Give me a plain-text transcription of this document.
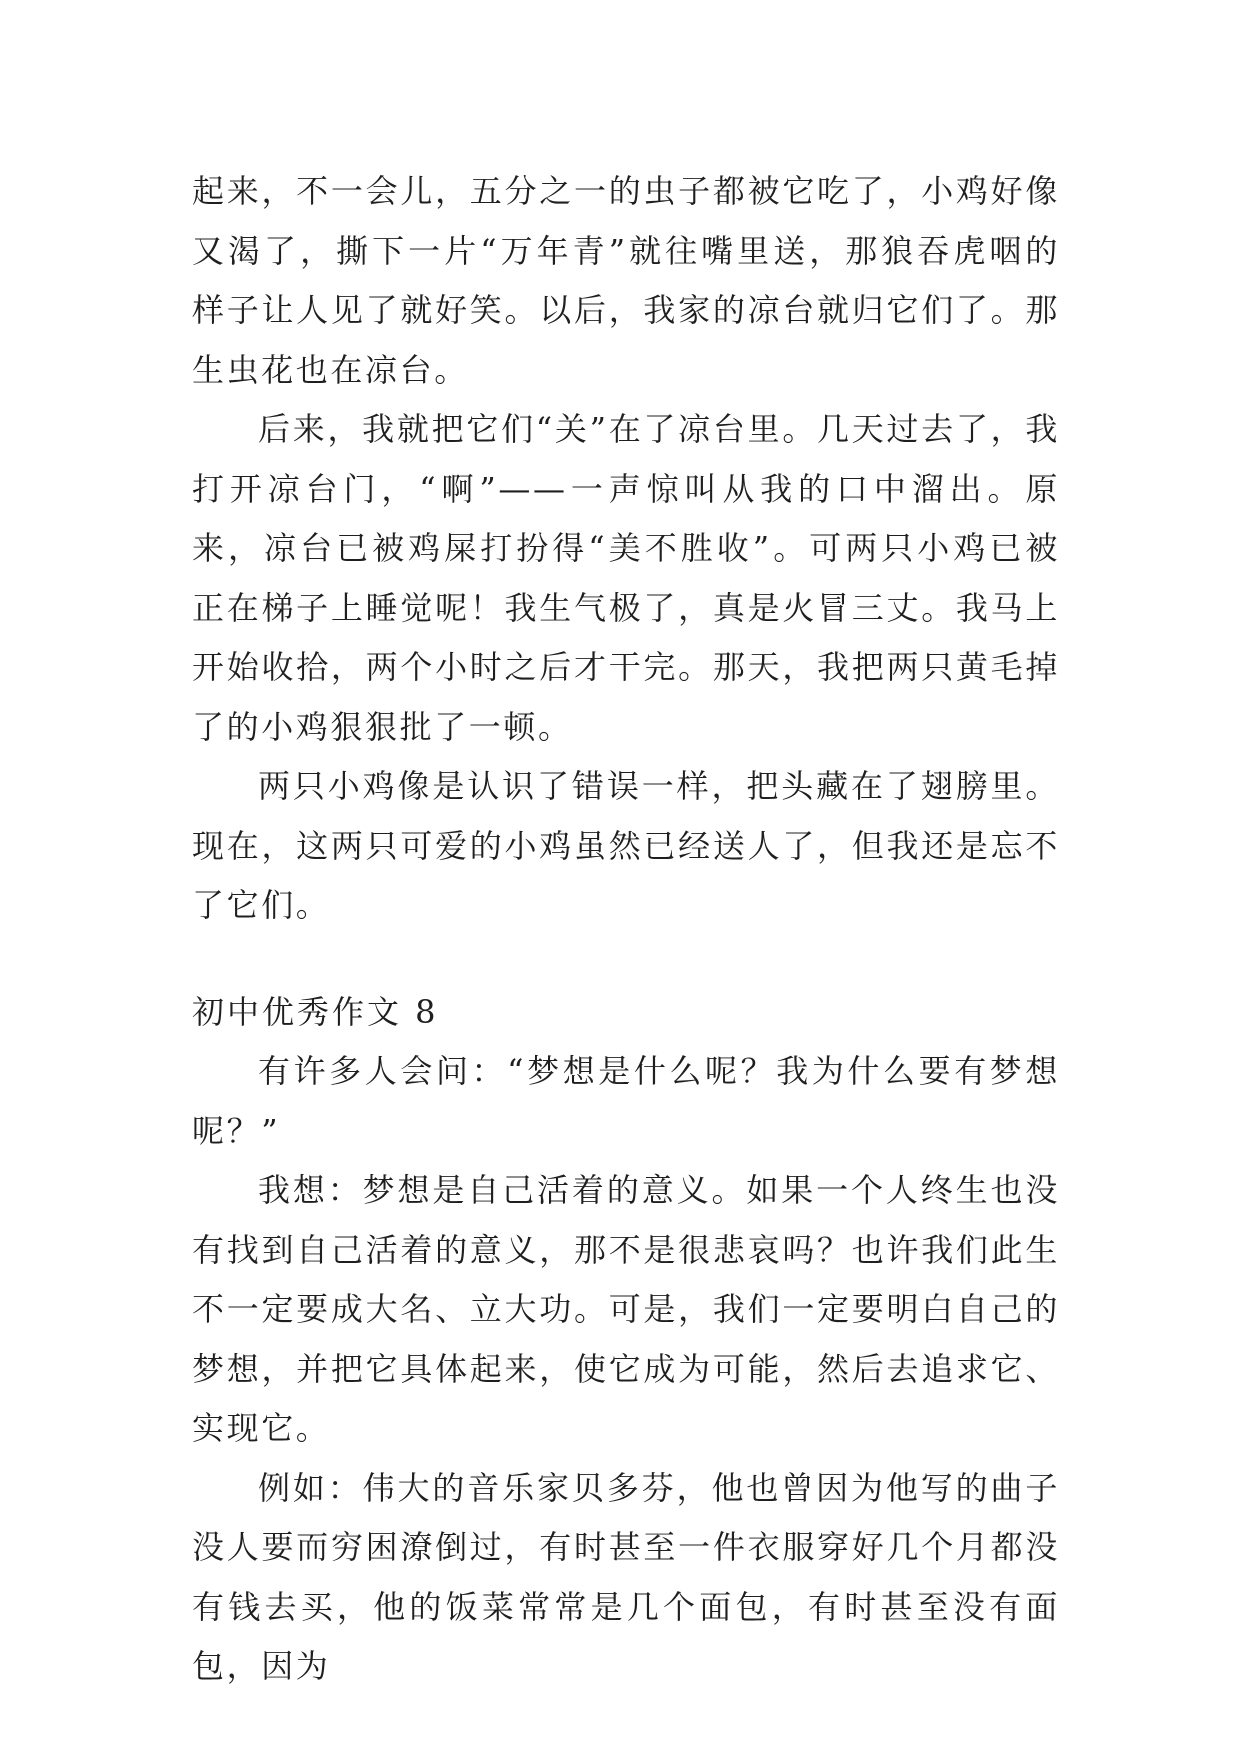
起来，不一会儿，五分之一的虫子都被它吃了，小鸡好像又渴了，撕下一片“万年青”就往嘴里送，那狼吞虎咽的样子让人见了就好笑。以后，我家的凉台就归它们了。那生虫花也在凉台。

后来，我就把它们“关”在了凉台里。几天过去了，我打开凉台门，“啊”——一声惊叫从我的口中溜出。原来，凉台已被鸡屎打扮得“美不胜收”。可两只小鸡已被正在梯子上睡觉呢！我生气极了，真是火冒三丈。我马上开始收拾，两个小时之后才干完。那天，我把两只黄毛掉了的小鸡狠狠批了一顿。

两只小鸡像是认识了错误一样，把头藏在了翅膀里。现在，这两只可爱的小鸡虽然已经送人了，但我还是忘不了它们。

初中优秀作文 8

有许多人会问：“梦想是什么呢？我为什么要有梦想呢？”

我想：梦想是自己活着的意义。如果一个人终生也没有找到自己活着的意义，那不是很悲哀吗？也许我们此生不一定要成大名、立大功。可是，我们一定要明白自己的梦想，并把它具体起来，使它成为可能，然后去追求它、实现它。

例如：伟大的音乐家贝多芬，他也曾因为他写的曲子没人要而穷困潦倒过，有时甚至一件衣服穿好几个月都没有钱去买，他的饭菜常常是几个面包，有时甚至没有面包，因为
